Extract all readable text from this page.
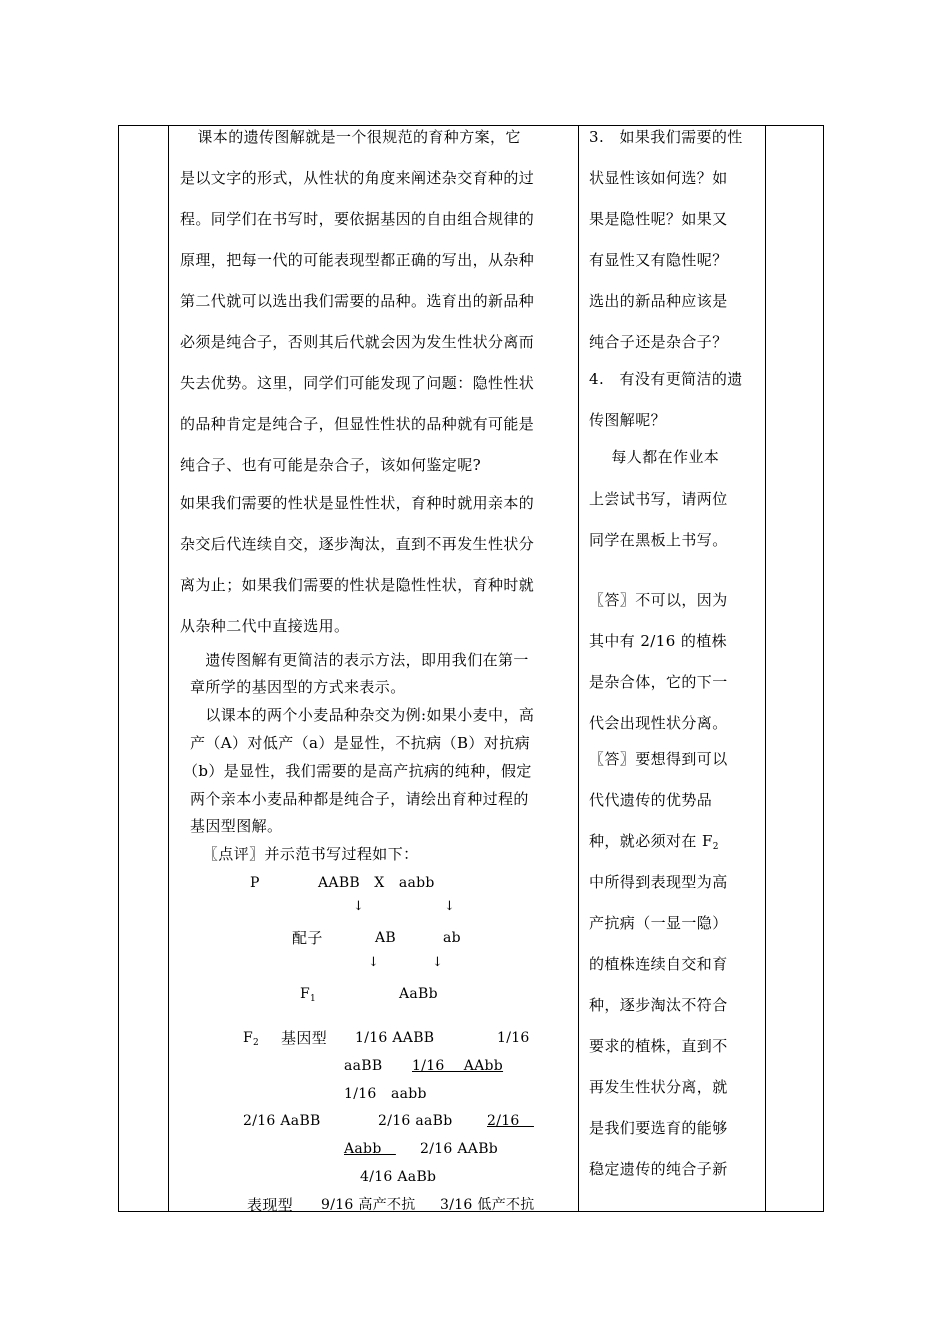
　课本的遗传图解就是一个很规范的育种方案，它
是以文字的形式，从性状的角度来阐述杂交育种的过
程。同学们在书写时，要依据基因的自由组合规律的
原理，把每一代的可能表现型都正确的写出，从杂种
第二代就可以选出我们需要的品种。选育出的新品种
必须是纯合子，否则其后代就会因为发生性状分离而
失去优势。这里，同学们可能发现了问题：隐性性状
的品种肯定是纯合子，但显性性状的品种就有可能是
纯合子、也有可能是杂合子，该如何鉴定呢?
如果我们需要的性状是显性性状，育种时就用亲本的
杂交后代连续自交，逐步淘汰，直到不再发生性状分
离为止；如果我们需要的性状是隐性性状，育种时就
从杂种二代中直接选用。
　遗传图解有更简洁的表示方法，即用我们在第一
章所学的基因型的方式来表示。
　以课本的两个小麦品种杂交为例:如果小麦中，高
产（A）对低产（a）是显性，不抗病（B）对抗病
（b）是显性，我们需要的是高产抗病的纯种，假定
两个亲本小麦品种都是纯合子，请绘出育种过程的
基因型图解。
　〖点评〗并示范书写过程如下：
P	AABB　X　aabb
↓	↓
配子	AB	ab
↓	↓
$F_1$	AaBb
$F_2$ 基因型 1/16 AABB	1/16
aaBB 1/16　 AAbb
1/16　aabb
2/16 AaBB	2/16 aaBb 2/16　
Aabb　 2/16 AABb
4/16 AaBb
表现型 9/16 高产不抗 3/16 低产不抗
3.　如果我们需要的性
状显性该如何选？如
果是隐性呢？如果又
有显性又有隐性呢？
选出的新品种应该是
纯合子还是杂合子？
4.　有没有更简洁的遗
传图解呢？
　每人都在作业本
上尝试书写，请两位
同学在黑板上书写。
〖答〗不可以，因为
其中有 2/16 的植株
是杂合体，它的下一
代会出现性状分离。
〖答〗要想得到可以
代代遗传的优势品
种，就必须对在 $F_2$
中所得到表现型为高
产抗病（一显一隐）
的植株连续自交和育
种，逐步淘汰不符合
要求的植株，直到不
再发生性状分离，就
是我们要选育的能够
稳定遗传的纯合子新
